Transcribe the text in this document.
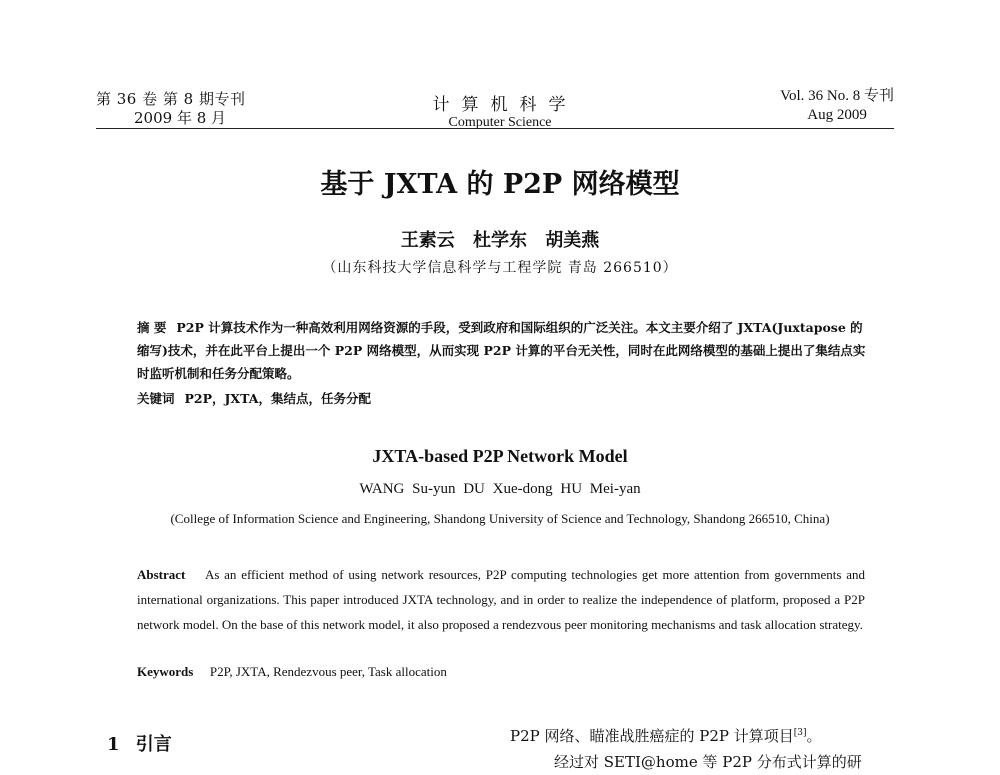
第 36 卷 第 8 期专刊
2009 年 8 月
计算机科学
Computer Science
Vol. 36 No. 8 专刊
Aug 2009
基于 JXTA 的 P2P 网络模型
王素云 杜学东 胡美燕
（山东科技大学信息科学与工程学院 青岛 266510）
摘 要 P2P 计算技术作为一种高效利用网络资源的手段，受到政府和国际组织的广泛关注。本文主要介绍了 JXTA(Juxtapose 的缩写)技术，并在此平台上提出一个 P2P 网络模型，从而实现 P2P 计算的平台无关性，同时在此网络模型的基础上提出了集结点实时监听机制和任务分配策略。
关键词 P2P，JXTA，集结点，任务分配
JXTA-based P2P Network Model
WANG Su-yun DU Xue-dong HU Mei-yan
(College of Information Science and Engineering, Shandong University of Science and Technology, Shandong 266510, China)
Abstract As an efficient method of using network resources, P2P computing technologies get more attention from governments and international organizations. This paper introduced JXTA technology, and in order to realize the independence of platform, proposed a P2P network model. On the base of this network model, it also proposed a rendezvous peer monitoring mechanisms and task allocation strategy.
Keywords P2P, JXTA, Rendezvous peer, Task allocation
1 引言	P2P 网络、瞄准战胜癌症的 P2P 计算项目[3]。
经过对 SETI@home 等 P2P 分布式计算的研
